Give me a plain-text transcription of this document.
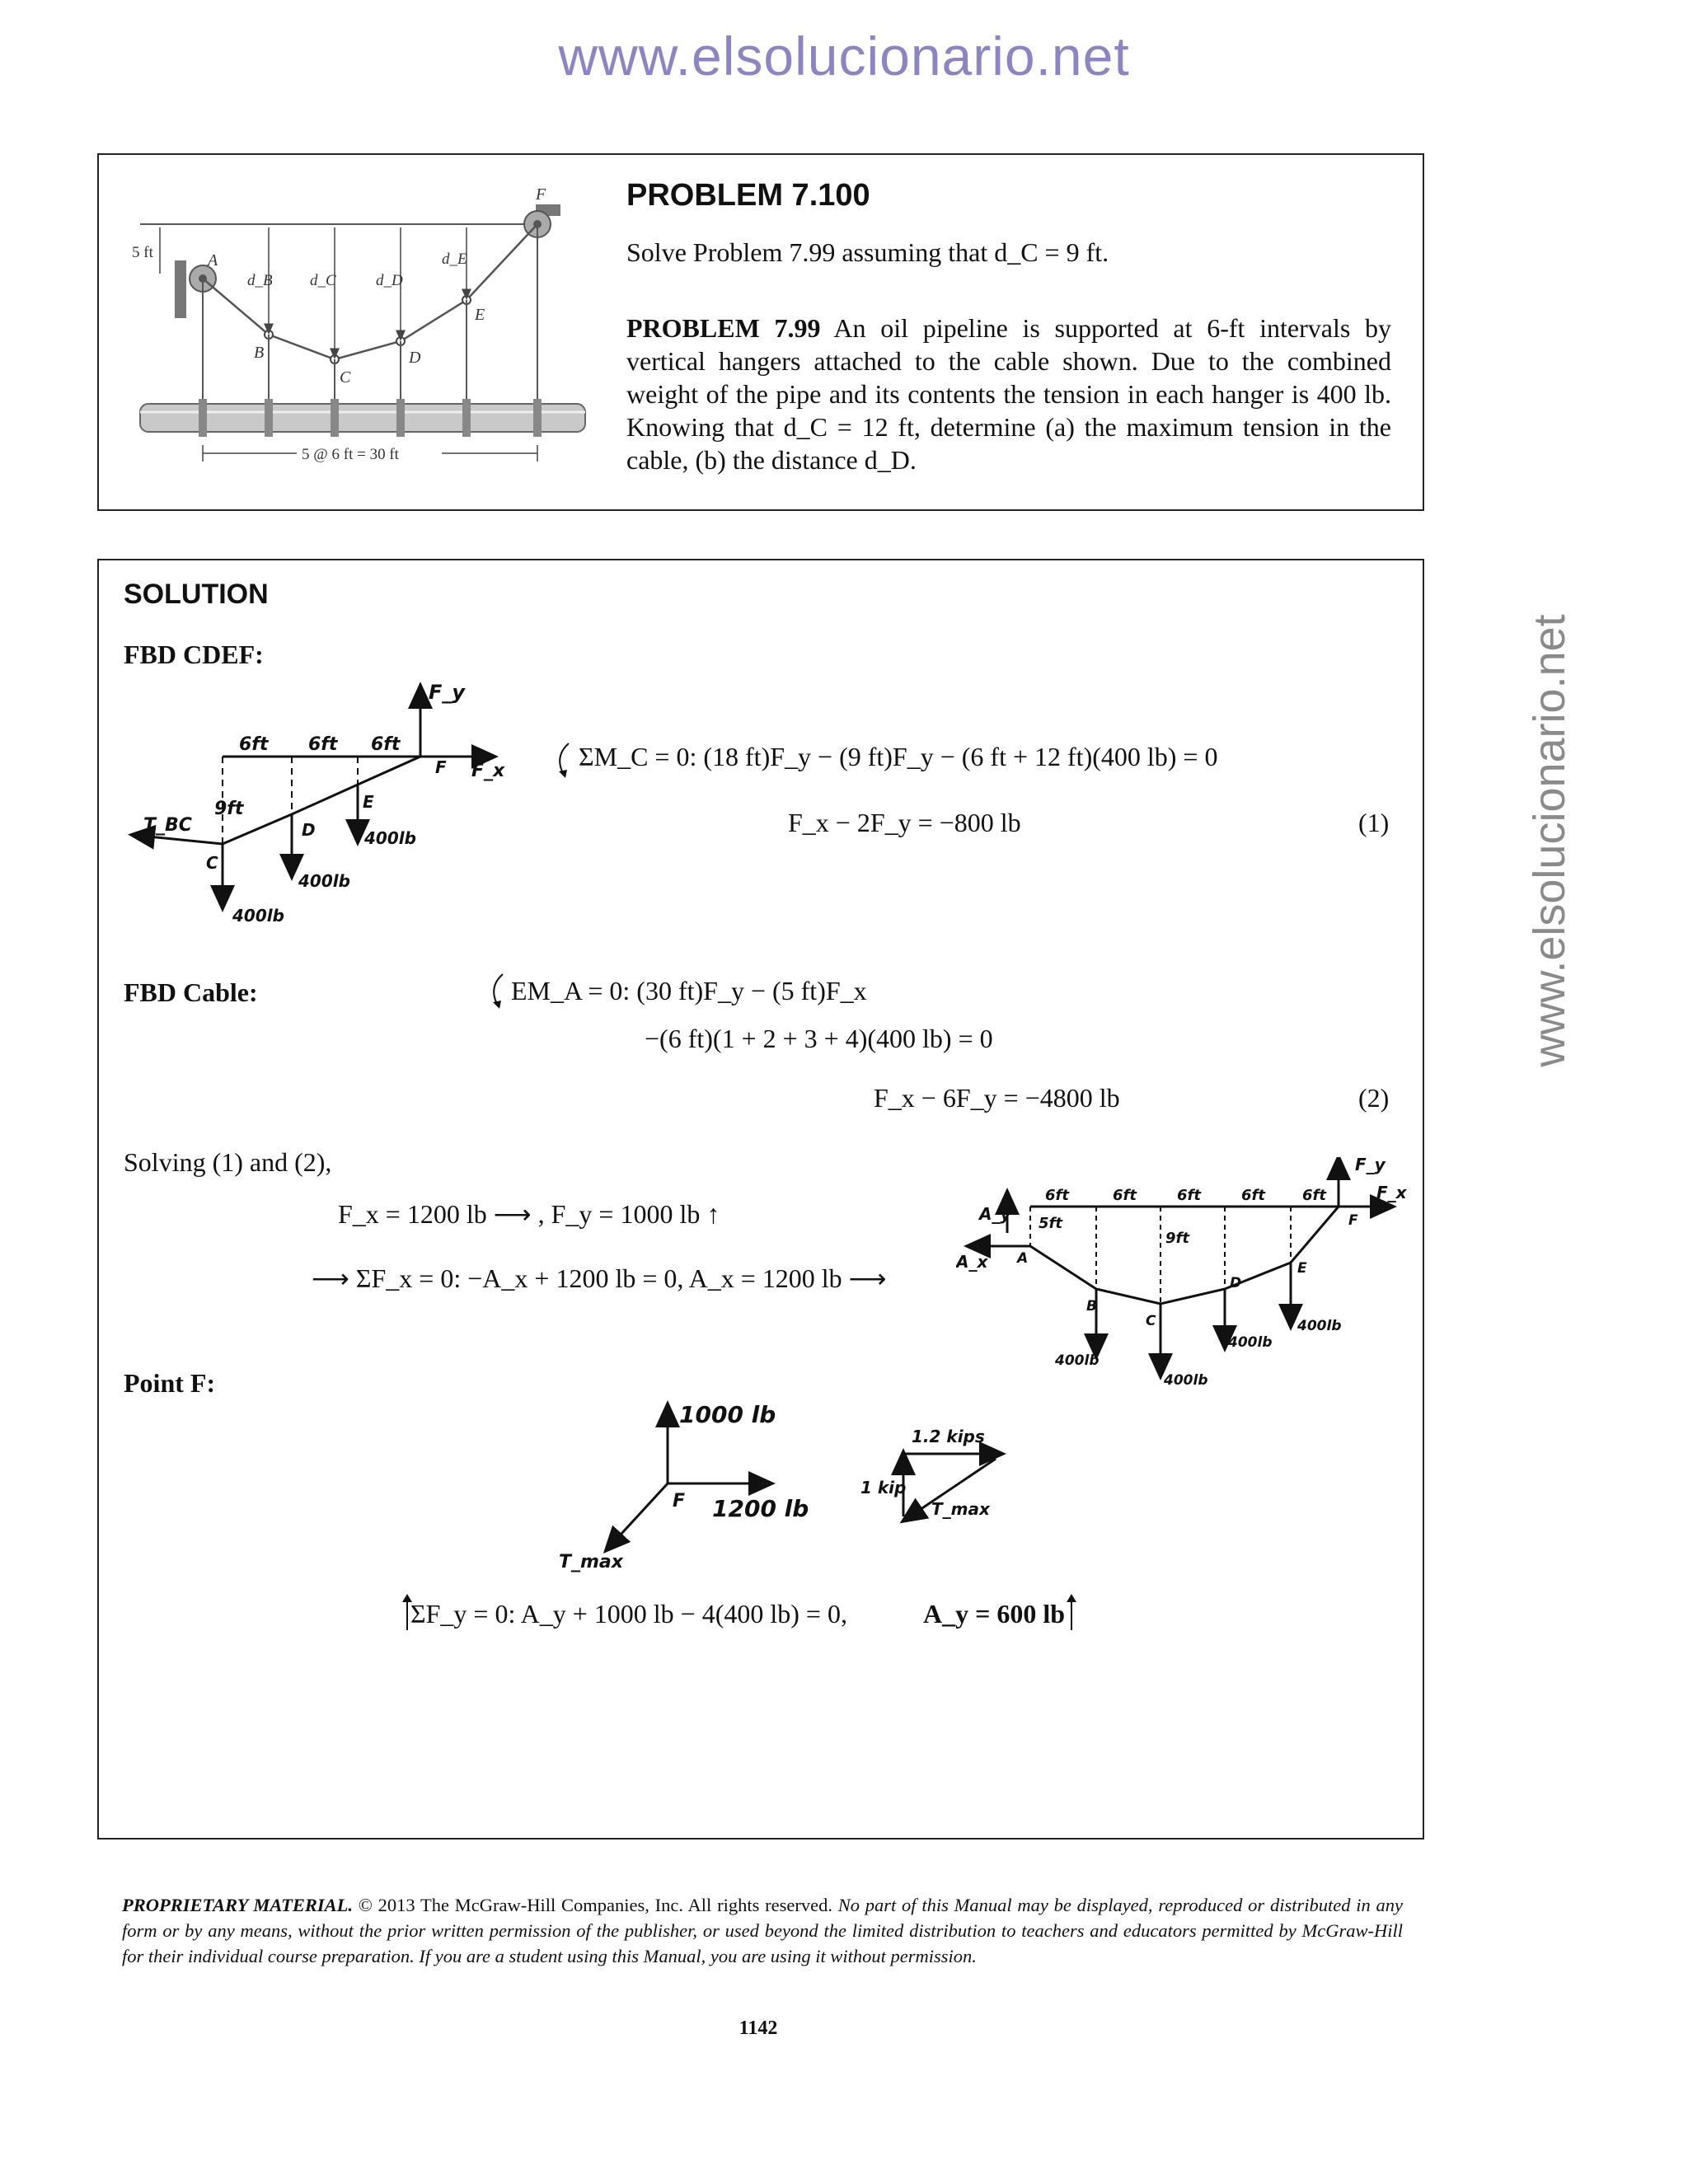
www.elsolucionario.net
www.elsolucionario.net
A
B
C
D
E
F
d_B d_C	d_D
d_E
5 ft
5 @ 6 ft = 30 ft
PROBLEM 7.100
Solve Problem 7.99 assuming that d_C = 9 ft.
PROBLEM 7.99 An oil pipeline is supported at 6-ft intervals by vertical hangers attached to the cable shown. Due to the combined weight of the pipe and its contents the tension in each hanger is 400 lb. Knowing that d_C = 12 ft, determine (a) the maximum tension in the cable, (b) the distance d_D.
SOLUTION
FBD CDEF:
6ft 6ft 6ft
9ft
F_y
F_x
T_BC
400lb
400lb
400lb
C
D
E
F	ΣM_C = 0: (18 ft)F_y − (9 ft)F_y − (6 ft + 12 ft)(400 lb) = 0
F_x − 2F_y = −800 lb	(1)
FBD Cable:	EM_A = 0: (30 ft)F_y − (5 ft)F_x
−(6 ft)(1 + 2 + 3 + 4)(400 lb) = 0
F_x − 6F_y = −4800 lb	(2)
Solving (1) and (2),
F_x = 1200 lb ⟶ , F_y = 1000 lb ↑
⟶ ΣF_x = 0: −A_x + 1200 lb = 0, A_x = 1200 lb ⟶
6ft	6ft	6ft	6ft	6ft
5ft
9ft
F_y
F_x
A_y
A_x
400lb
400lb
400lb
400lb
A
B
C
D
E
F
Point F:
1000 lb
1200 lb
F
T_max
1.2 kips
1 kip
T_max
ΣF_y = 0: A_y + 1000 lb − 4(400 lb) = 0,	A_y = 600 lb
PROPRIETARY MATERIAL. © 2013 The McGraw-Hill Companies, Inc. All rights reserved. No part of this Manual may be displayed, reproduced or distributed in any form or by any means, without the prior written permission of the publisher, or used beyond the limited distribution to teachers and educators permitted by McGraw-Hill for their individual course preparation. If you are a student using this Manual, you are using it without permission.
1142
